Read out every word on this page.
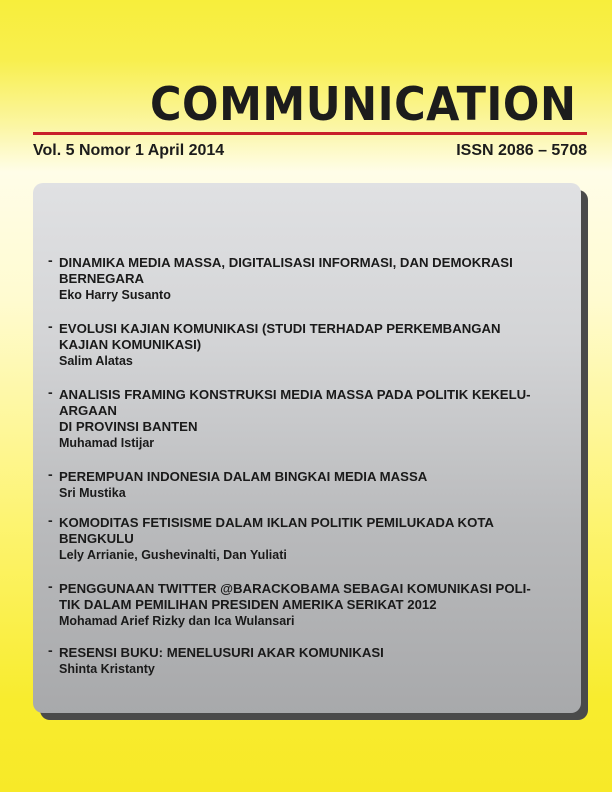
COMMUNICATION
Vol. 5 Nomor 1 April 2014	ISSN 2086 – 5708
- DINAMIKA MEDIA MASSA, DIGITALISASI INFORMASI, DAN DEMOKRASI
BERNEGARA
Eko Harry Susanto
- EVOLUSI KAJIAN KOMUNIKASI (STUDI TERHADAP PERKEMBANGAN
KAJIAN KOMUNIKASI)
Salim Alatas
- ANALISIS FRAMING KONSTRUKSI MEDIA MASSA PADA POLITIK KEKELU-
ARGAAN
DI PROVINSI BANTEN
Muhamad Istijar
- PEREMPUAN INDONESIA DALAM BINGKAI MEDIA MASSA
Sri Mustika
- KOMODITAS FETISISME DALAM IKLAN POLITIK PEMILUKADA KOTA
BENGKULU
Lely Arrianie, Gushevinalti, Dan Yuliati
- PENGGUNAAN TWITTER @BARACKOBAMA SEBAGAI KOMUNIKASI POLI-
TIK DALAM PEMILIHAN PRESIDEN AMERIKA SERIKAT 2012
Mohamad Arief Rizky dan Ica Wulansari
- RESENSI BUKU: MENELUSURI AKAR KOMUNIKASI
Shinta Kristanty
